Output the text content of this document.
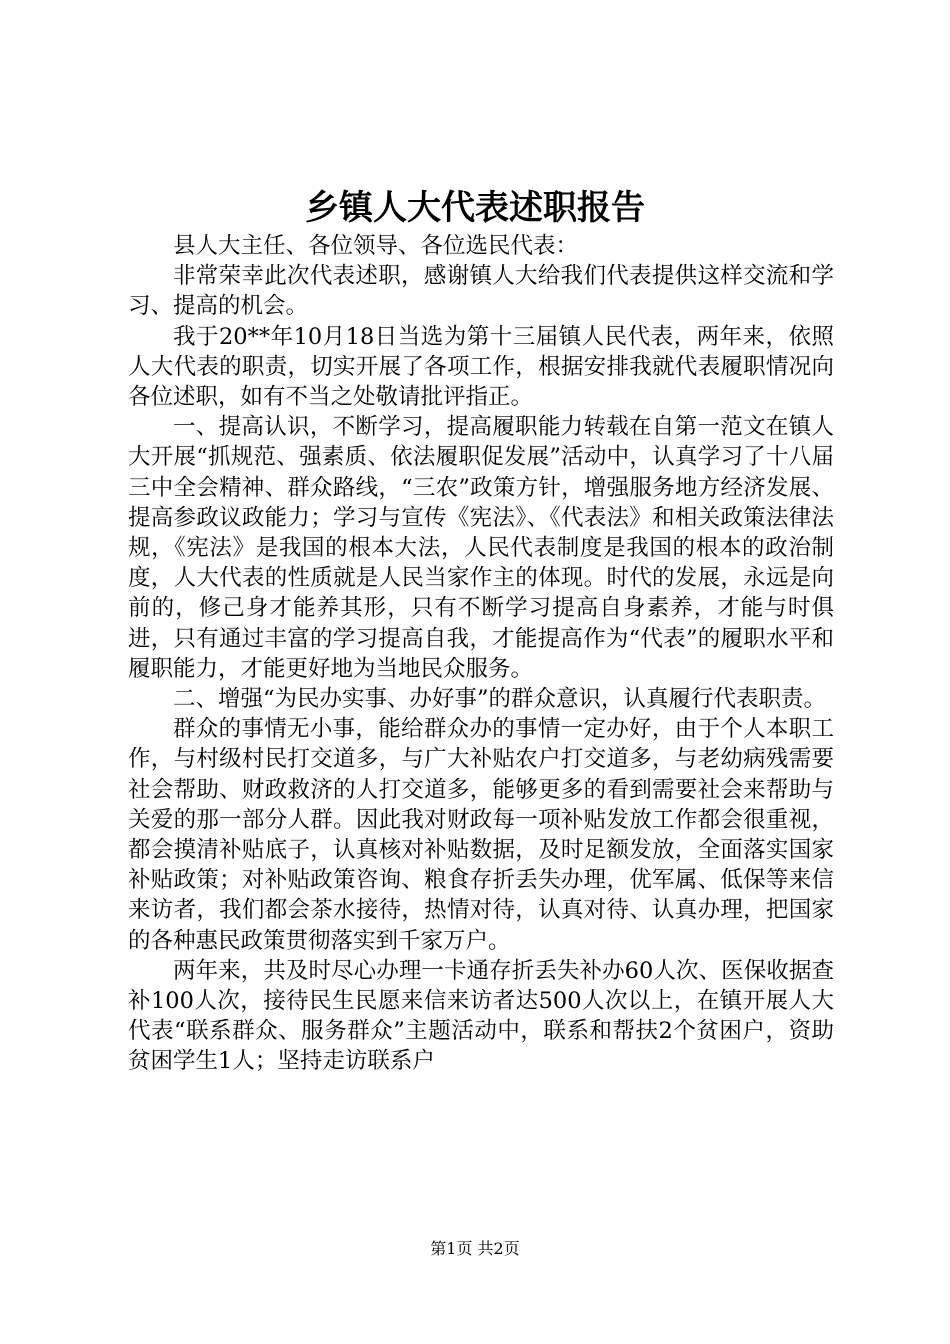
乡镇人大代表述职报告

县人大主任、各位领导、各位选民代表：

非常荣幸此次代表述职，感谢镇人大给我们代表提供这样交流和学习、提高的机会。

我于20**年10月18日当选为第十三届镇人民代表，两年来，依照人大代表的职责，切实开展了各项工作，根据安排我就代表履职情况向各位述职，如有不当之处敬请批评指正。

一、提高认识，不断学习，提高履职能力转载在自第一范文在镇人大开展“抓规范、强素质、依法履职促发展”活动中，认真学习了十八届三中全会精神、群众路线，“三农”政策方针，增强服务地方经济发展、提高参政议政能力；学习与宣传《宪法》、《代表法》和相关政策法律法规，《宪法》是我国的根本大法，人民代表制度是我国的根本的政治制度，人大代表的性质就是人民当家作主的体现。时代的发展，永远是向前的，修己身才能养其形，只有不断学习提高自身素养，才能与时俱进，只有通过丰富的学习提高自我，才能提高作为“代表”的履职水平和履职能力，才能更好地为当地民众服务。

二、增强“为民办实事、办好事”的群众意识，认真履行代表职责。

群众的事情无小事，能给群众办的事情一定办好，由于个人本职工作，与村级村民打交道多，与广大补贴农户打交道多，与老幼病残需要社会帮助、财政救济的人打交道多，能够更多的看到需要社会来帮助与关爱的那一部分人群。因此我对财政每一项补贴发放工作都会很重视，都会摸清补贴底子，认真核对补贴数据，及时足额发放，全面落实国家补贴政策；对补贴政策咨询、粮食存折丢失办理，优军属、低保等来信来访者，我们都会茶水接待，热情对待，认真对待、认真办理，把国家的各种惠民政策贯彻落实到千家万户。

两年来，共及时尽心办理一卡通存折丢失补办60人次、医保收据查补100人次，接待民生民愿来信来访者达500人次以上，在镇开展人大代表“联系群众、服务群众”主题活动中，联系和帮扶2个贫困户，资助贫困学生1人；坚持走访联系户

第1页 共2页
